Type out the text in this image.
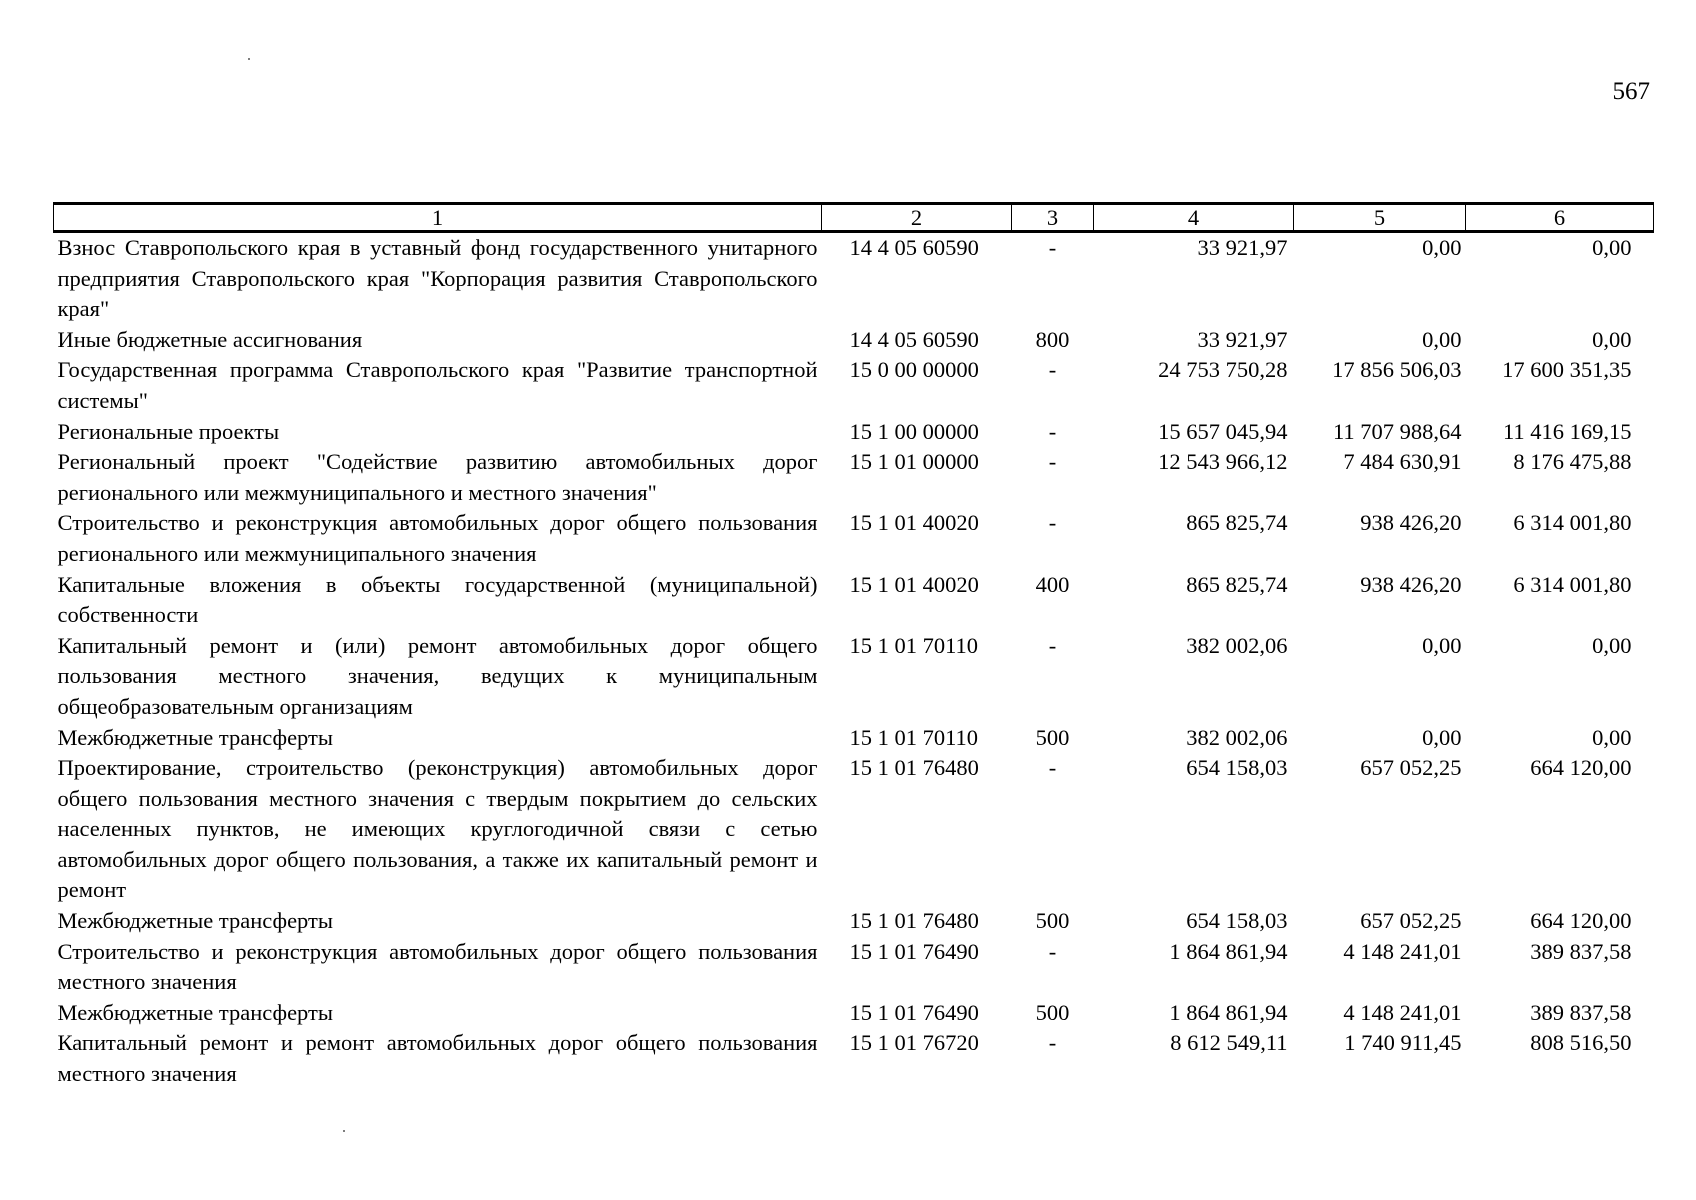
567
1	2	3	4	5	6
Взнос Ставропольского края в уставный фонд государственного унитарного предприятия Ставропольского края "Корпорация развития Ставропольского края"	14 4 05 60590	-	33 921,97	0,00	0,00
Иные бюджетные ассигнования	14 4 05 60590	800	33 921,97	0,00	0,00
Государственная программа Ставропольского края "Развитие транспортной системы"	15 0 00 00000	-	24 753 750,28	17 856 506,03	17 600 351,35
Региональные проекты	15 1 00 00000	-	15 657 045,94	11 707 988,64	11 416 169,15
Региональный проект "Содействие развитию автомобильных дорог регионального или межмуниципального и местного значения"	15 1 01 00000	-	12 543 966,12	7 484 630,91	8 176 475,88
Строительство и реконструкция автомобильных дорог общего пользования регионального или межмуниципального значения	15 1 01 40020	-	865 825,74	938 426,20	6 314 001,80
Капитальные вложения в объекты государственной (муниципальной) собственности	15 1 01 40020	400	865 825,74	938 426,20	6 314 001,80
Капитальный ремонт и (или) ремонт автомобильных дорог общего пользования местного значения, ведущих к муниципальным общеобразовательным организациям	15 1 01 70110	-	382 002,06	0,00	0,00
Межбюджетные трансферты	15 1 01 70110	500	382 002,06	0,00	0,00
Проектирование, строительство (реконструкция) автомобильных дорог общего пользования местного значения с твердым покрытием до сельских населенных пунктов, не имеющих круглогодичной связи с сетью автомобильных дорог общего пользования, а также их капитальный ремонт и ремонт	15 1 01 76480	-	654 158,03	657 052,25	664 120,00
Межбюджетные трансферты	15 1 01 76480	500	654 158,03	657 052,25	664 120,00
Строительство и реконструкция автомобильных дорог общего пользования местного значения	15 1 01 76490	-	1 864 861,94	4 148 241,01	389 837,58
Межбюджетные трансферты	15 1 01 76490	500	1 864 861,94	4 148 241,01	389 837,58
Капитальный ремонт и ремонт автомобильных дорог общего пользования местного значения	15 1 01 76720	-	8 612 549,11	1 740 911,45	808 516,50
